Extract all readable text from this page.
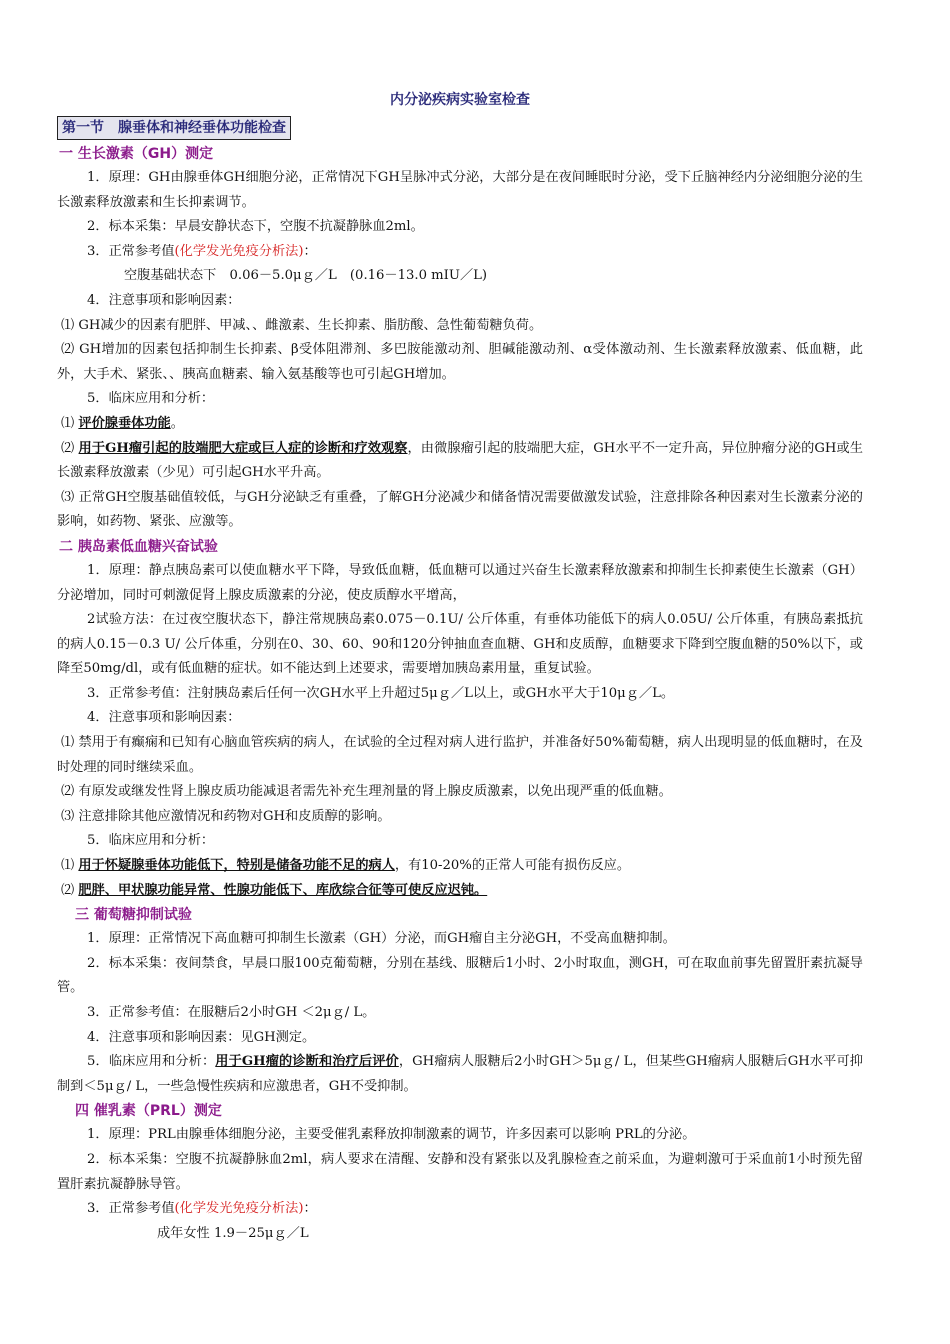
内分泌疾病实验室检查
第一节　腺垂体和神经垂体功能检查
一 生长激素（GH）测定
1．原理：GH由腺垂体GH细胞分泌，正常情况下GH呈脉冲式分泌，大部分是在夜间睡眠时分泌，受下丘脑神经内分泌细胞分泌的生长激素释放激素和生长抑素调节。
2．标本采集：早晨安静状态下，空腹不抗凝静脉血2ml。
3．正常参考值(化学发光免疫分析法)：
空腹基础状态下　0.06－5.0μｇ／L　(0.16－13.0 mIU／L)
4．注意事项和影响因素：
⑴ GH减少的因素有肥胖、甲减、、雌激素、生长抑素、脂肪酸、急性葡萄糖负荷。
⑵ GH增加的因素包括抑制生长抑素、β受体阻滞剂、多巴胺能激动剂、胆碱能激动剂、α受体激动剂、生长激素释放激素、低血糖，此外，大手术、紧张、、胰高血糖素、输入氨基酸等也可引起GH增加。
5．临床应用和分析：
⑴ 评价腺垂体功能。
⑵ 用于GH瘤引起的肢端肥大症或巨人症的诊断和疗效观察，由微腺瘤引起的肢端肥大症，GH水平不一定升高，异位肿瘤分泌的GH或生长激素释放激素（少见）可引起GH水平升高。
⑶ 正常GH空腹基础值较低，与GH分泌缺乏有重叠，了解GH分泌减少和储备情况需要做激发试验，注意排除各种因素对生长激素分泌的影响，如药物、紧张、应激等。
二 胰岛素低血糖兴奋试验
1．原理：静点胰岛素可以使血糖水平下降，导致低血糖，低血糖可以通过兴奋生长激素释放激素和抑制生长抑素使生长激素（GH）分泌增加，同时可刺激促肾上腺皮质激素的分泌，使皮质醇水平增高，
2试验方法：在过夜空腹状态下，静注常规胰岛素0.075－0.1U/ 公斤体重，有垂体功能低下的病人0.05U/ 公斤体重，有胰岛素抵抗的病人0.15－0.3 U/ 公斤体重，分别在0、30、60、90和120分钟抽血查血糖、GH和皮质醇，血糖要求下降到空腹血糖的50%以下，或降至50mg/dl，或有低血糖的症状。如不能达到上述要求，需要增加胰岛素用量，重复试验。
3．正常参考值：注射胰岛素后任何一次GH水平上升超过5μｇ／L以上，或GH水平大于10μｇ／L。
4．注意事项和影响因素：
⑴ 禁用于有癫痫和已知有心脑血管疾病的病人，在试验的全过程对病人进行监护，并准备好50%葡萄糖，病人出现明显的低血糖时，在及时处理的同时继续采血。
⑵ 有原发或继发性肾上腺皮质功能减退者需先补充生理剂量的肾上腺皮质激素，以免出现严重的低血糖。
⑶ 注意排除其他应激情况和药物对GH和皮质醇的影响。
5．临床应用和分析：
⑴ 用于怀疑腺垂体功能低下，特别是储备功能不足的病人，有10-20%的正常人可能有损伤反应。
⑵ 肥胖、甲状腺功能异常、性腺功能低下、库欣综合征等可使反应迟钝。
三 葡萄糖抑制试验
1．原理：正常情况下高血糖可抑制生长激素（GH）分泌，而GH瘤自主分泌GH，不受高血糖抑制。
2．标本采集：夜间禁食，早晨口服100克葡萄糖，分别在基线、服糖后1小时、2小时取血，测GH，可在取血前事先留置肝素抗凝导管。
3．正常参考值：在服糖后2小时GH ＜2μｇ/ L。
4．注意事项和影响因素：见GH测定。
5．临床应用和分析：用于GH瘤的诊断和治疗后评价，GH瘤病人服糖后2小时GH＞5μｇ/ L，但某些GH瘤病人服糖后GH水平可抑制到＜5μｇ/ L，一些急慢性疾病和应激患者，GH不受抑制。
四 催乳素（PRL）测定
1．原理：PRL由腺垂体细胞分泌，主要受催乳素释放抑制激素的调节，许多因素可以影响 PRL的分泌。
2．标本采集：空腹不抗凝静脉血2ml，病人要求在清醒、安静和没有紧张以及乳腺检查之前采血，为避刺激可于采血前1小时预先留置肝素抗凝静脉导管。
3．正常参考值(化学发光免疫分析法)：
成年女性 1.9－25μｇ／L
